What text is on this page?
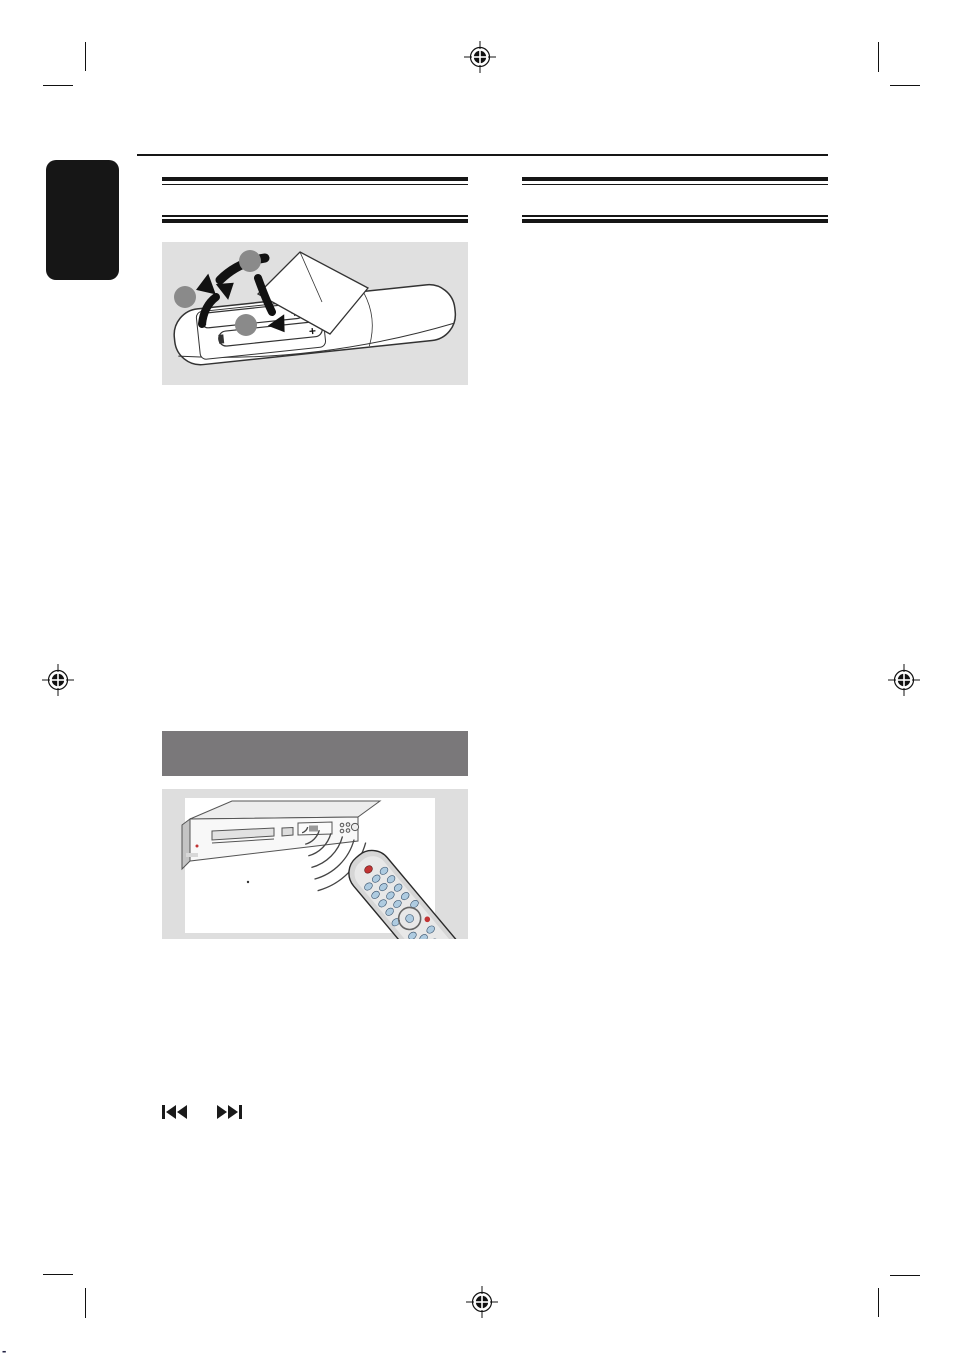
+
-
